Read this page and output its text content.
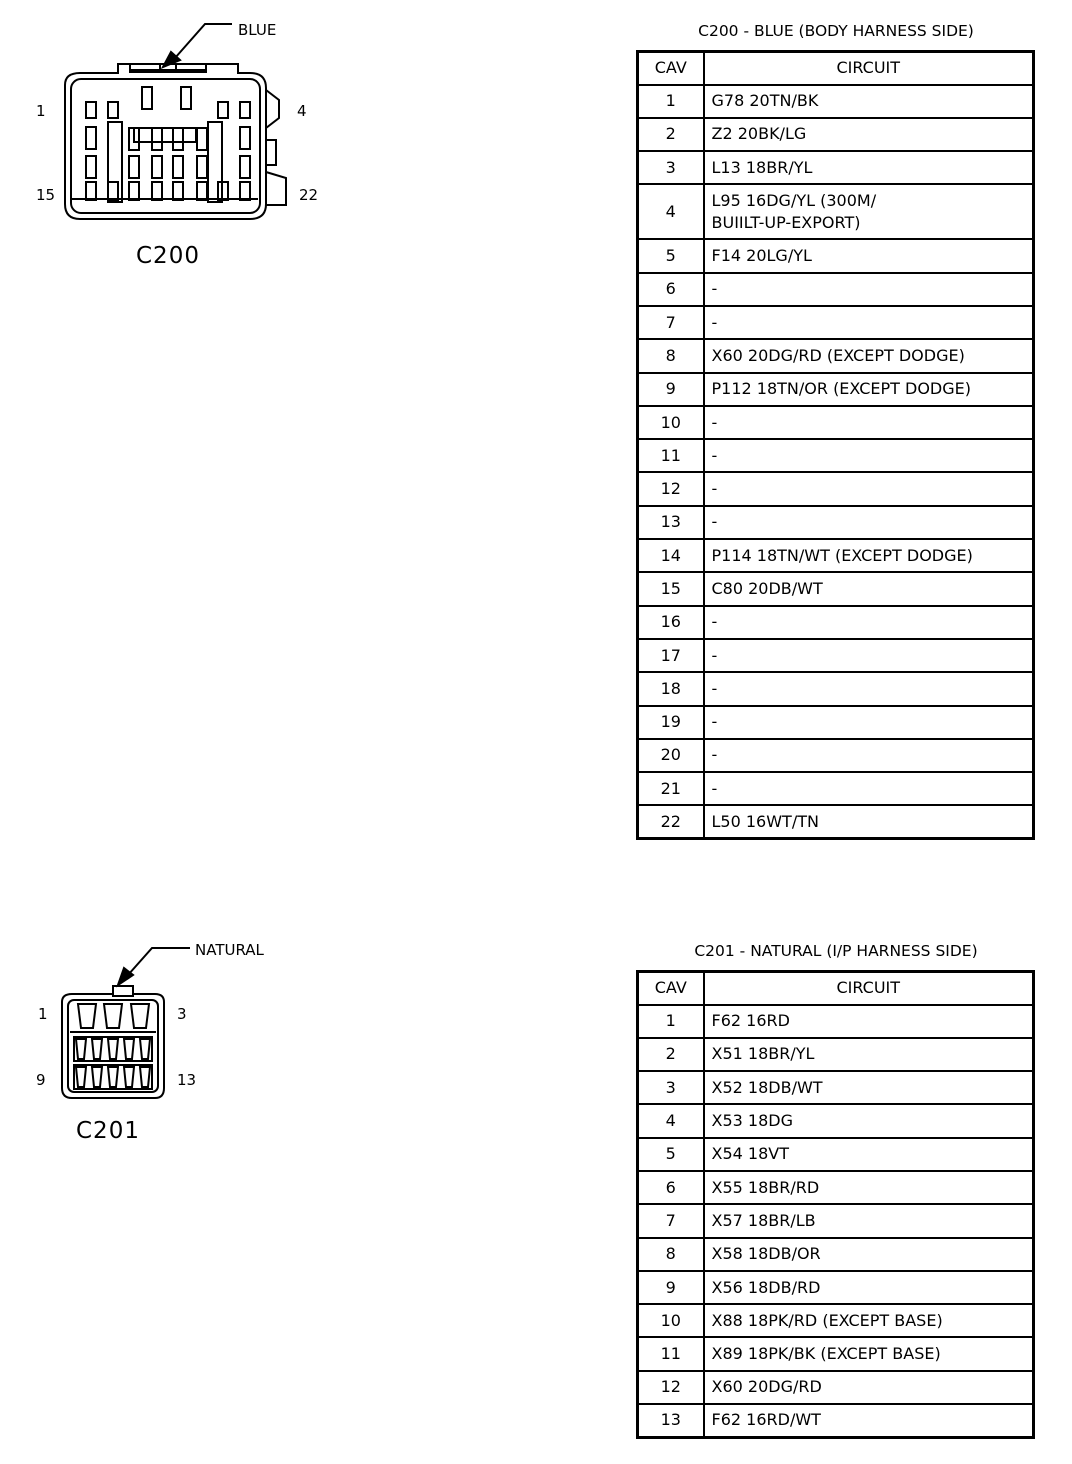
BLUE
1	4
15	22
C200
C200 - BLUE (BODY HARNESS SIDE)
CAV	CIRCUIT
1	G78 20TN/BK

2	Z2 20BK/LG

3	L13 18BR/YL

4	L95 16DG/YL (300M/
BUIILT-UP-EXPORT)

5	F14 20LG/YL

6	-

7	-

8	X60 20DG/RD (EXCEPT DODGE)

9	P112 18TN/OR (EXCEPT DODGE)

10	-

11	-

12	-

13	-

14	P114 18TN/WT (EXCEPT DODGE)

15	C80 20DB/WT

16	-

17	-

18	-

19	-

20	-

21	-

22	L50 16WT/TN
NATURAL
1	3
9	13
C201
C201 - NATURAL (I/P HARNESS SIDE)
CAV	CIRCUIT
1	F62 16RD

2	X51 18BR/YL

3	X52 18DB/WT

4	X53 18DG

5	X54 18VT

6	X55 18BR/RD

7	X57 18BR/LB

8	X58 18DB/OR

9	X56 18DB/RD

10	X88 18PK/RD (EXCEPT BASE)

11	X89 18PK/BK (EXCEPT BASE)

12	X60 20DG/RD

13	F62 16RD/WT
